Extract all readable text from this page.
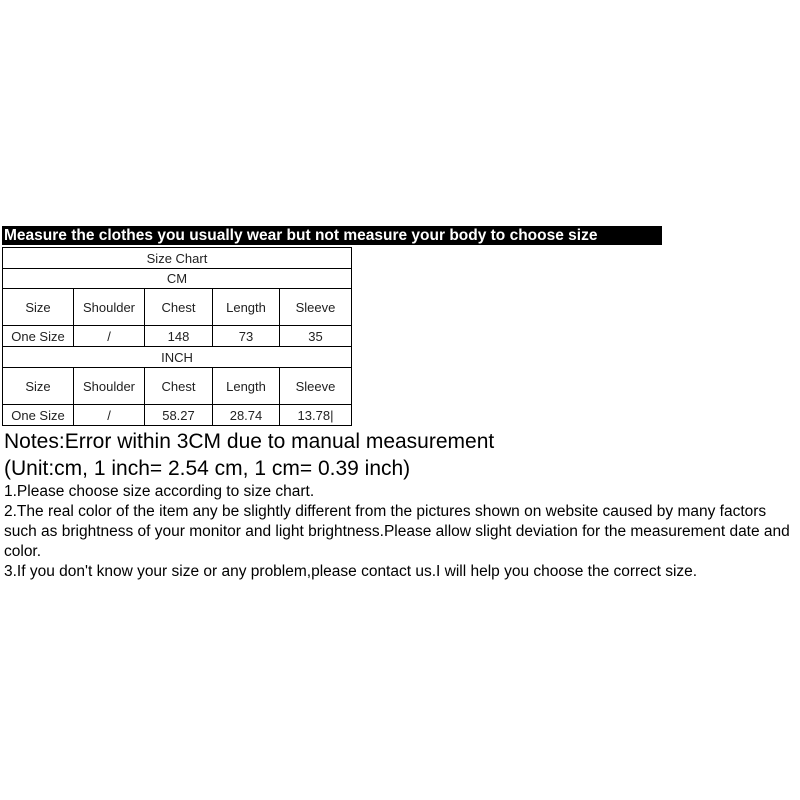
Measure the clothes you usually wear but not measure your body to choose size
Size Chart				
CM				
Size	Shoulder	Chest	Length	Sleeve
One Size	/	148	73	35
INCH				
Size	Shoulder	Chest	Length	Sleeve
One Size	/	58.27	28.74	13.78|
Notes:Error within 3CM due to manual measurement
(Unit:cm, 1 inch= 2.54 cm, 1 cm= 0.39 inch)

1.Please choose size according to size chart.

2.The real color of the item any be slightly different from the pictures shown on website caused by many factors such as brightness of your monitor and light brightness.Please allow slight deviation for the measurement date and color.

3.If you don't know your size or any problem,please contact us.I will help you choose the correct size.
